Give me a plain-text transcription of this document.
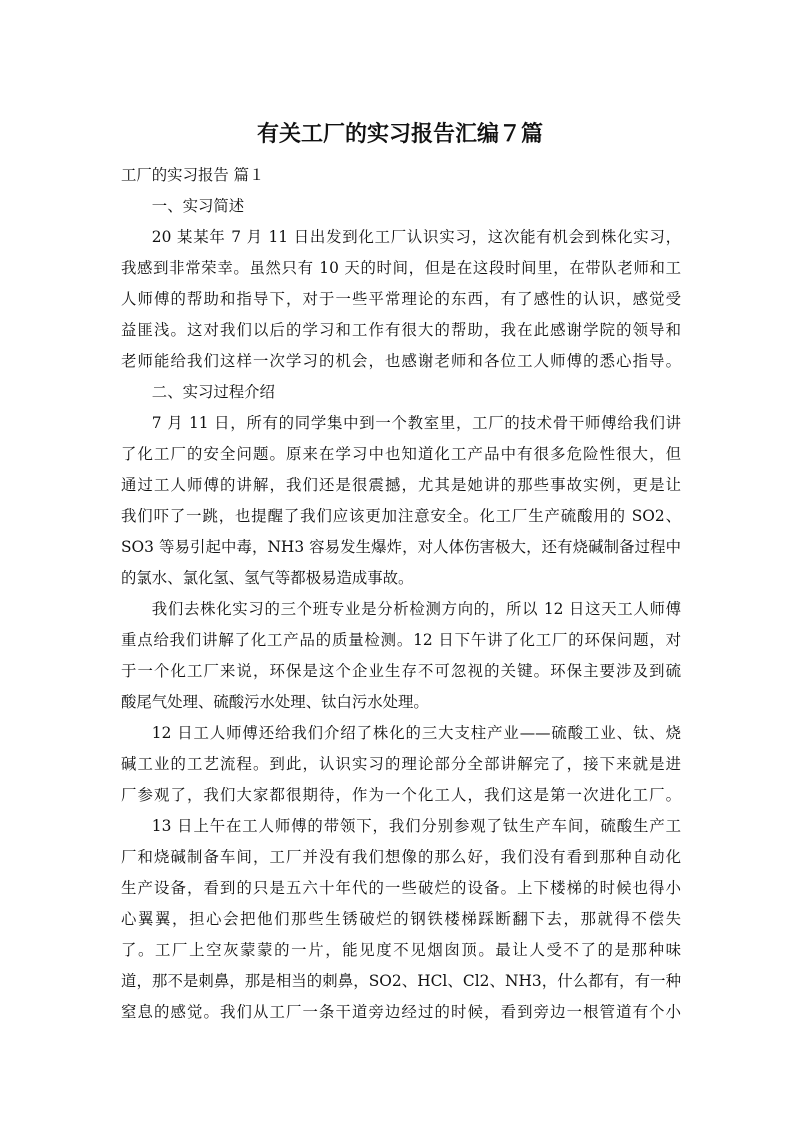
有关工厂的实习报告汇编７篇

工厂的实习报告 篇１

一、实习简述

20 某某年 7 月 11 日出发到化工厂认识实习，这次能有机会到株化实习，
我感到非常荣幸。虽然只有 10 天的时间，但是在这段时间里，在带队老师和工
人师傅的帮助和指导下，对于一些平常理论的东西，有了感性的认识，感觉受
益匪浅。这对我们以后的学习和工作有很大的帮助，我在此感谢学院的领导和
老师能给我们这样一次学习的机会，也感谢老师和各位工人师傅的悉心指导。

二、实习过程介绍

7 月 11 日，所有的同学集中到一个教室里，工厂的技术骨干师傅给我们讲
了化工厂的安全问题。原来在学习中也知道化工产品中有很多危险性很大，但
通过工人师傅的讲解，我们还是很震撼，尤其是她讲的那些事故实例，更是让
我们吓了一跳，也提醒了我们应该更加注意安全。化工厂生产硫酸用的 SO2、
SO3 等易引起中毒，NH3 容易发生爆炸，对人体伤害极大，还有烧碱制备过程中
的氯水、氯化氢、氢气等都极易造成事故。

我们去株化实习的三个班专业是分析检测方向的，所以 12 日这天工人师傅
重点给我们讲解了化工产品的质量检测。12 日下午讲了化工厂的环保问题，对
于一个化工厂来说，环保是这个企业生存不可忽视的关键。环保主要涉及到硫
酸尾气处理、硫酸污水处理、钛白污水处理。

12 日工人师傅还给我们介绍了株化的三大支柱产业——硫酸工业、钛、烧
碱工业的工艺流程。到此，认识实习的理论部分全部讲解完了，接下来就是进
厂参观了，我们大家都很期待，作为一个化工人，我们这是第一次进化工厂。

13 日上午在工人师傅的带领下，我们分别参观了钛生产车间，硫酸生产工
厂和烧碱制备车间，工厂并没有我们想像的那么好，我们没有看到那种自动化
生产设备，看到的只是五六十年代的一些破烂的设备。上下楼梯的时候也得小
心翼翼，担心会把他们那些生锈破烂的钢铁楼梯踩断翻下去，那就得不偿失
了。工厂上空灰蒙蒙的一片，能见度不见烟囱顶。最让人受不了的是那种味
道，那不是刺鼻，那是相当的刺鼻，SO2、HCl、Cl2、NH3，什么都有，有一种
窒息的感觉。我们从工厂一条干道旁边经过的时候，看到旁边一根管道有个小
